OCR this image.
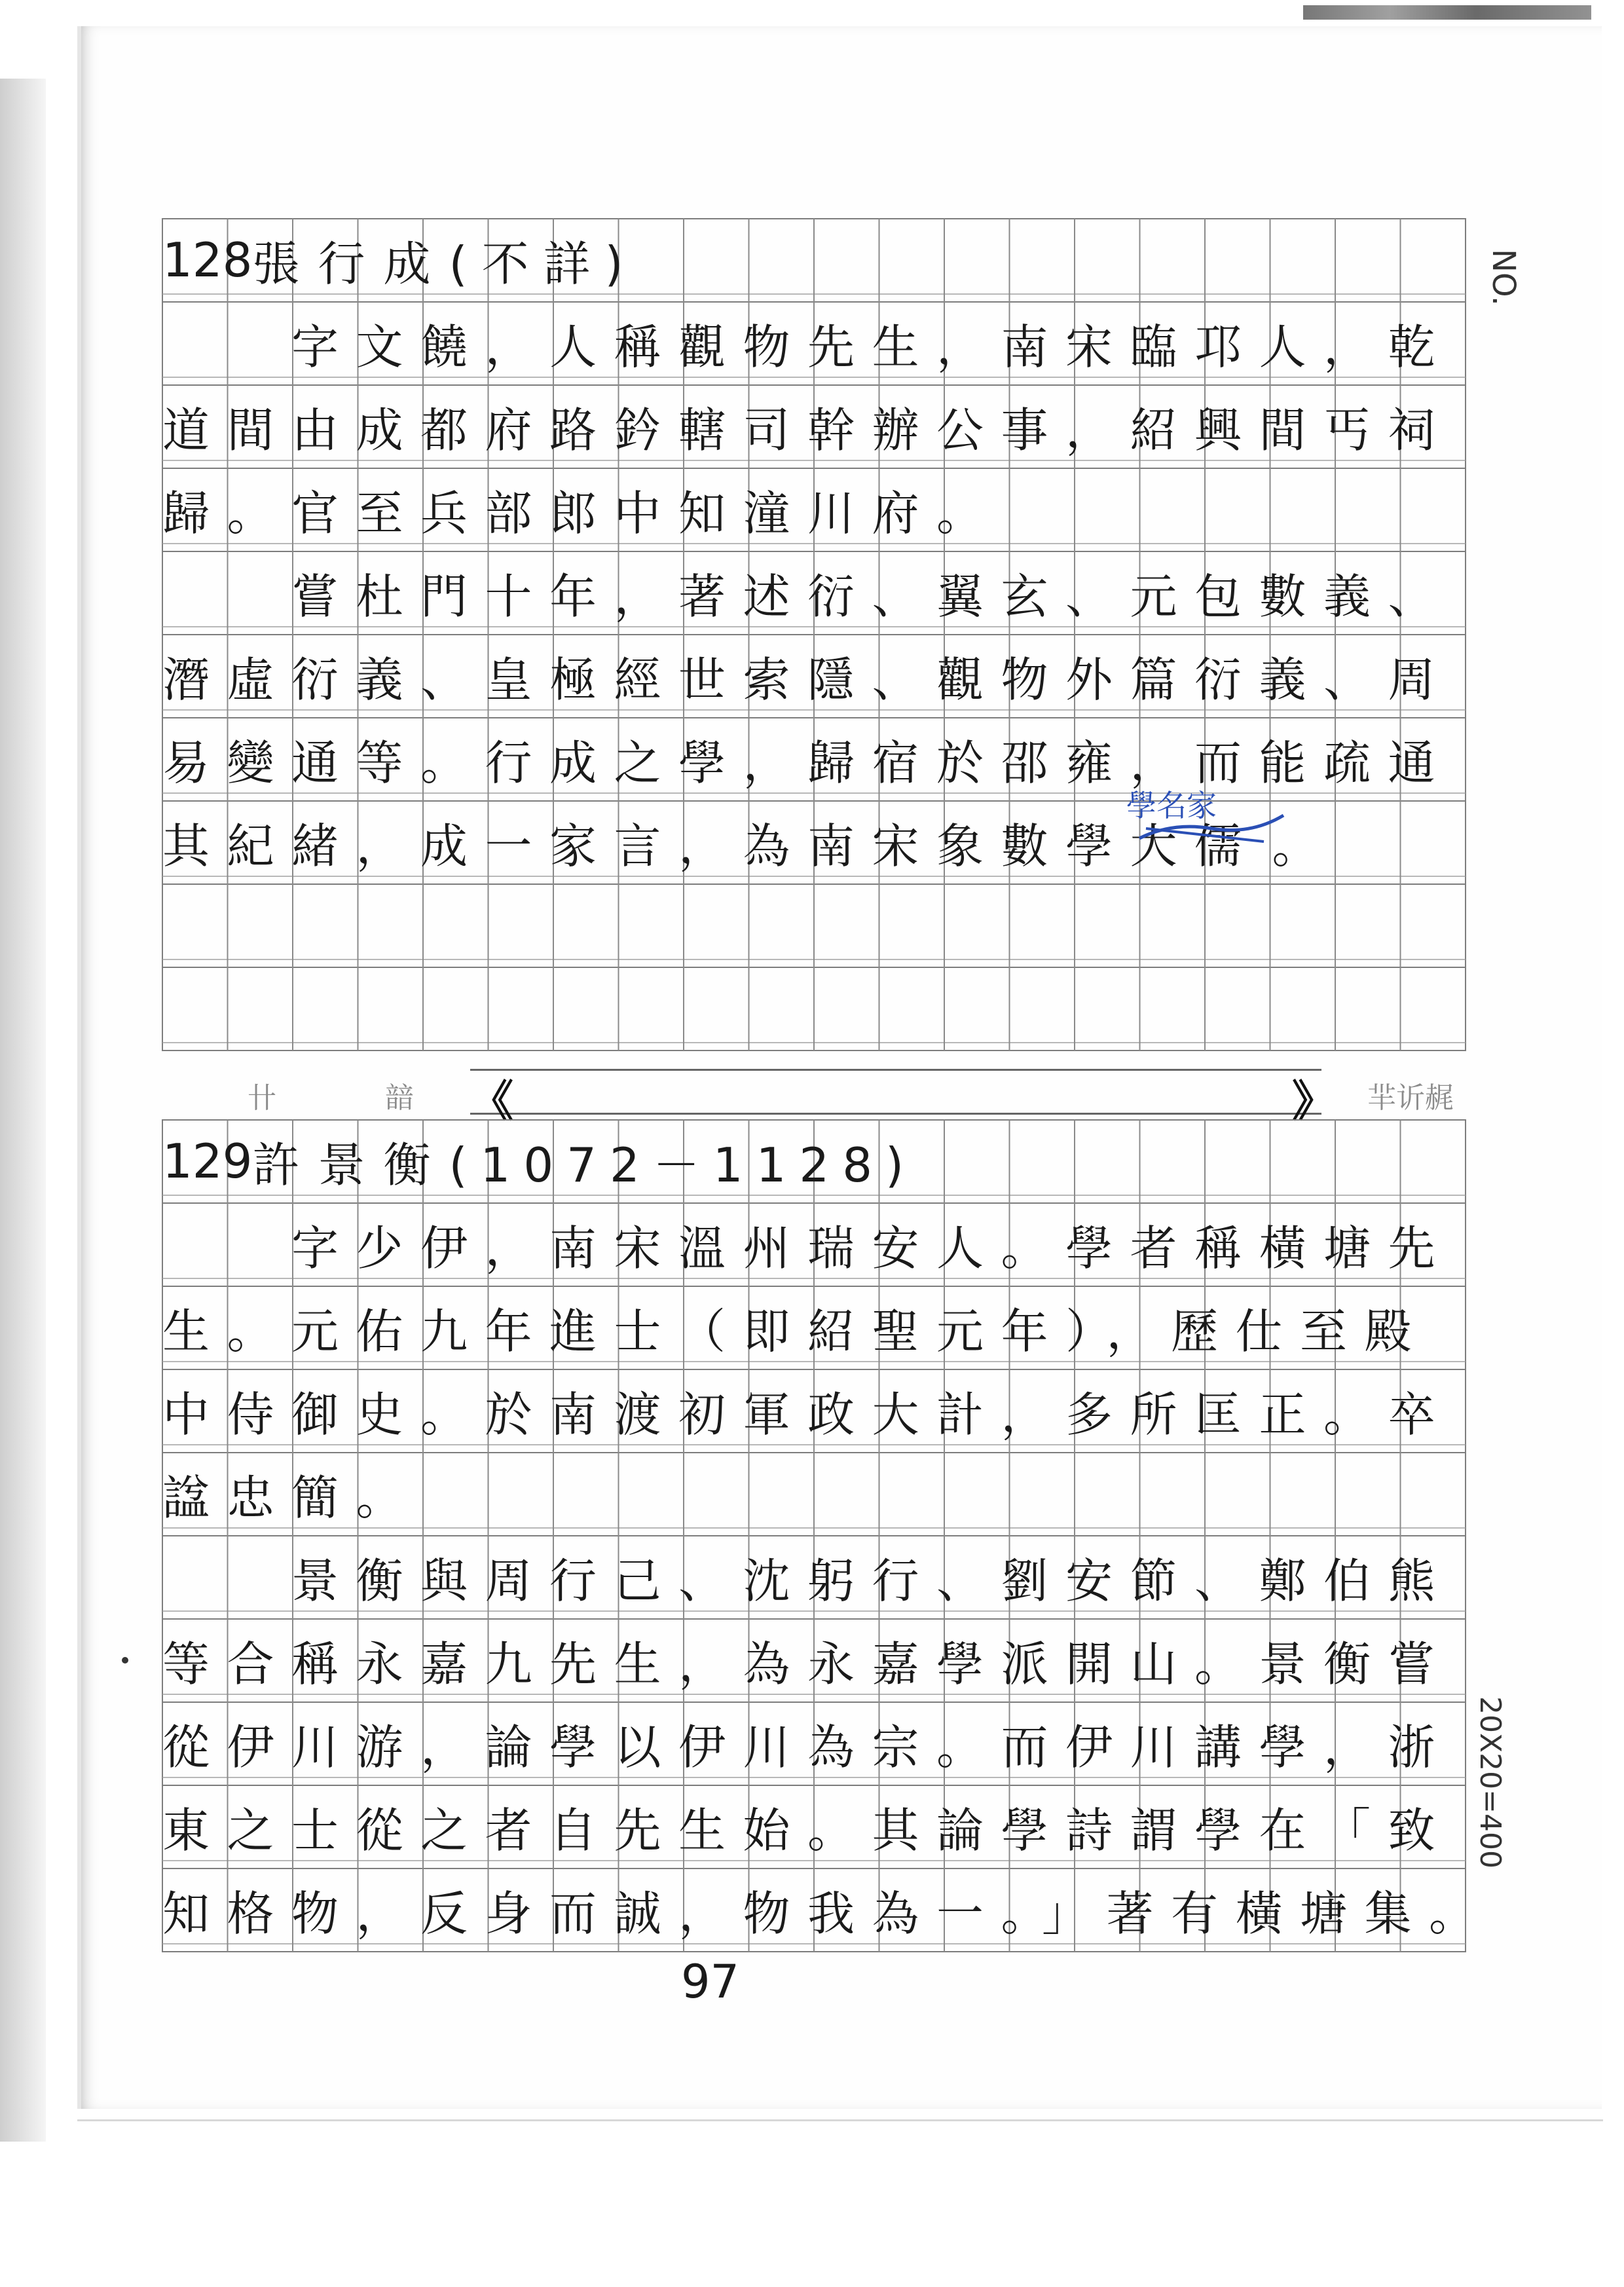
NO.
20X20=400
128 張行成 (不詳)
　　字文饒，人稱觀物先生，南宋臨邛人，乾
道間由成都府路鈐轄司幹辦公事，紹興間丐祠
歸。官至兵部郎中知潼川府。
　　嘗杜門十年，著述衍、翼玄、元包數義、
潛虛衍義、皇極經世索隱、觀物外篇衍義、周
易變通等。行成之學，歸宿於邵雍，而能疏通
其紀緒，成一家言，為南宋象數學 大儒 。
學名家
卄	䪭 《	》 羋䜣䞔
129 許景衡 (1072－1128)
　　字少伊，南宋溫州瑞安人。學者稱橫塘先
生。元佑九年進士（即紹聖元年），歷仕至殿
中侍御史。於南渡初軍政大計，多所匡正。卒
諡忠簡。
　　景衡與周行己、沈躬行、劉安節、鄭伯熊
等合稱永嘉九先生，為永嘉學派開山。景衡嘗
從伊川游，論學以伊川為宗。而伊川講學，浙
東之士從之者自先生始。其論學詩謂學在「致
知格物，反身而誠，物我為一。」著有橫塘集。
97
